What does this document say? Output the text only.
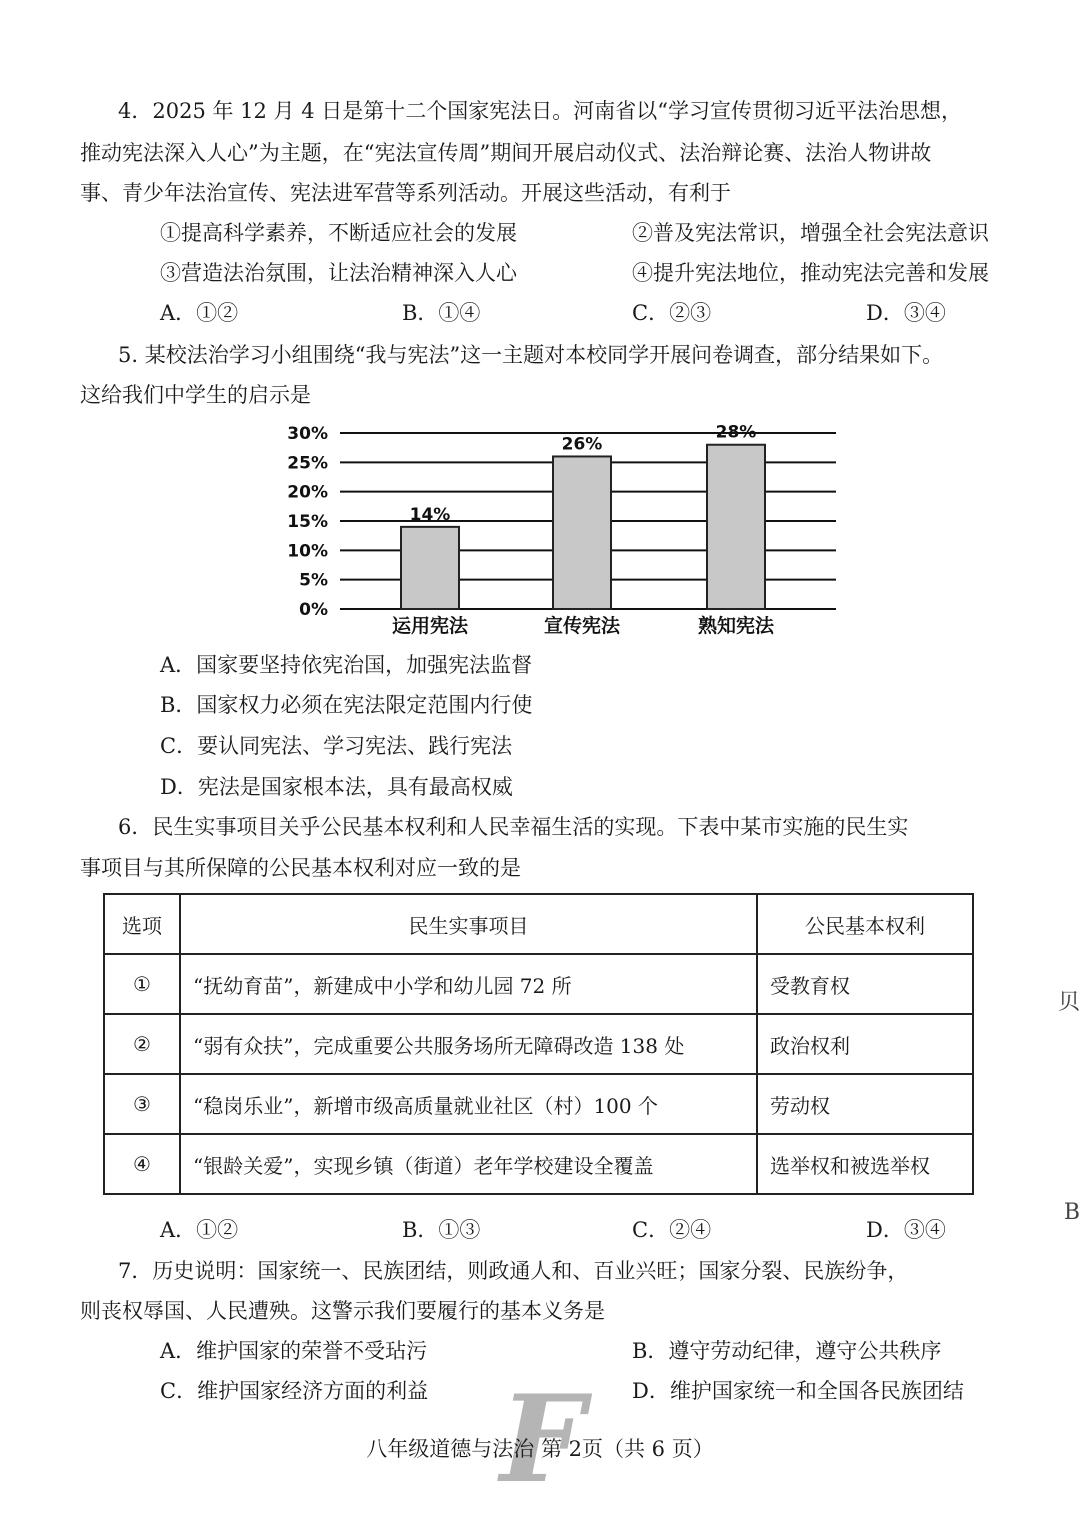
4．2025 年 12 月 4 日是第十二个国家宪法日。河南省以“学习宣传贯彻习近平法治思想，
推动宪法深入人心”为主题，在“宪法宣传周”期间开展启动仪式、法治辩论赛、法治人物讲故
事、青少年法治宣传、宪法进军营等系列活动。开展这些活动，有利于
①提高科学素养，不断适应社会的发展	②普及宪法常识，增强全社会宪法意识
③营造法治氛围，让法治精神深入人心	④提升宪法地位，推动宪法完善和发展
A．①②	B．①④	C．②③	D．③④
5. 某校法治学习小组围绕“我与宪法”这一主题对本校同学开展问卷调查，部分结果如下。
这给我们中学生的启示是
0%
5%
10%
15%
20%
25%
30%
14%
运用宪法
26%
宣传宪法
28%
熟知宪法
A．国家要坚持依宪治国，加强宪法监督
B．国家权力必须在宪法限定范围内行使
C．要认同宪法、学习宪法、践行宪法
D．宪法是国家根本法，具有最高权威
6．民生实事项目关乎公民基本权利和人民幸福生活的实现。下表中某市实施的民生实
事项目与其所保障的公民基本权利对应一致的是
选项	民生实事项目	公民基本权利
①	“抚幼育苗”，新建成中小学和幼儿园 72 所	受教育权
②	“弱有众扶”，完成重要公共服务场所无障碍改造 138 处	政治权利
③	“稳岗乐业”，新增市级高质量就业社区（村）100 个	劳动权
④	“银龄关爱”，实现乡镇（街道）老年学校建设全覆盖	选举权和被选举权
A．①②	B．①③	C．②④	D．③④
7．历史说明：国家统一、民族团结，则政通人和、百业兴旺；国家分裂、民族纷争，
则丧权辱国、人民遭殃。这警示我们要履行的基本义务是
A．维护国家的荣誉不受玷污	B．遵守劳动纪律，遵守公共秩序
C．维护国家经济方面的利益	D．维护国家统一和全国各民族团结
F
八年级道德与法治 第 2页（共 6 页）
贝
B
